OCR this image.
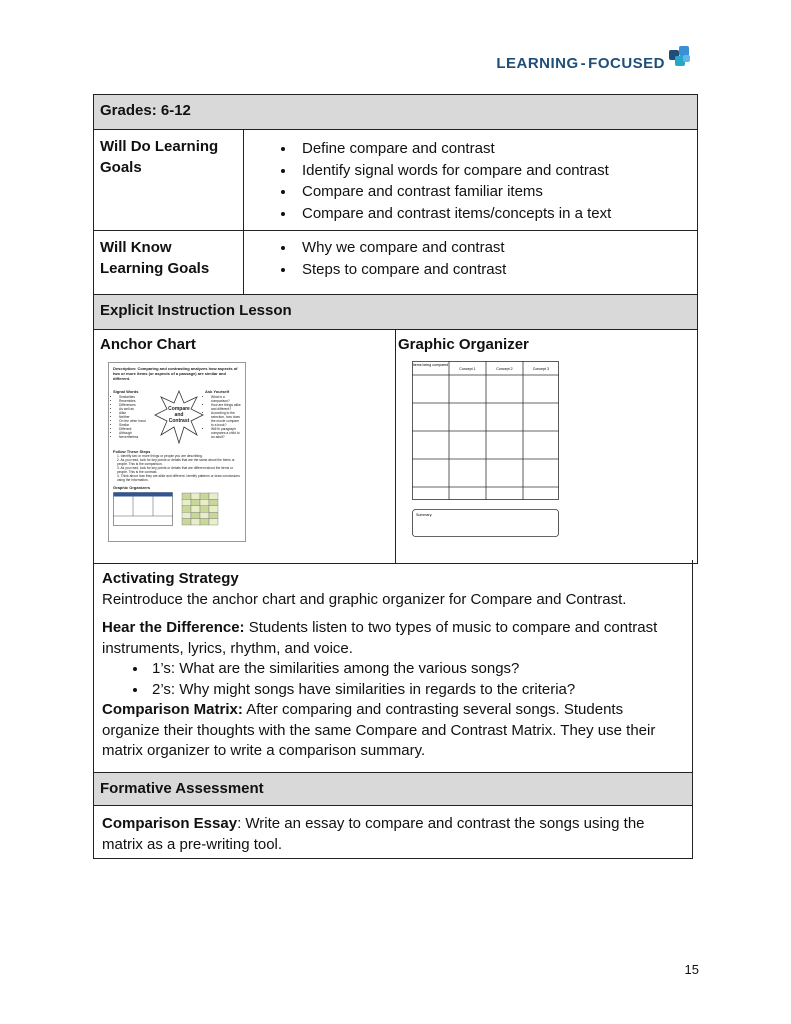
LEARNING - FOCUSED
Grades: 6-12
Will Do Learning Goals
• Define compare and contrast
• Identify signal words for compare and contrast
• Compare and contrast familiar items
• Compare and contrast items/concepts in a text
Will Know Learning Goals
• Why we compare and contrast
• Steps to compare and contrast
Explicit Instruction Lesson
Anchor Chart
Description: Comparing and contrasting analyzes how aspects of two or more items (or aspects of a passage) are similar and different.
Signal Words
• Similarities
• Resembles
• Differences
• As well as
• Alike
• Neither
• On the other hand
• Similar
• Different
• Although
• Nevertheless
Compare
and
Contrast
Ask Yourself
• What is a comparison?
• How are things alike and different?
• According to the selection, how does the movie compare to a book?
• Will th paragraph compares a child to an adult?
Follow These Steps
1. Identify two or more things or people you are describing.
2. As you read, look for key points or details that are the same about the items or people. This is the comparison.
3. As you read, look for key points or details that are different about the items or people. This is the contrast.
4. Think about how they are alike and different. Identify patterns or draw conclusions using the information.
Graphic Organizers
Graphic Organizer
Items being compared
Concept 1	Concept 2	Concept 3
Summary:

Activating Strategy

Reintroduce the anchor chart and graphic organizer for Compare and Contrast.

Hear the Difference: Students listen to two types of music to compare and contrast instruments, lyrics, rhythm, and voice.

• 1’s: What are the similarities among the various songs?
• 2’s: Why might songs have similarities in regards to the criteria?

Comparison Matrix: After comparing and contrasting several songs. Students organize their thoughts with the same Compare and Contrast Matrix. They use their matrix organizer to write a comparison summary.

Formative Assessment

Comparison Essay: Write an essay to compare and contrast the songs using the matrix as a pre-writing tool.

15
